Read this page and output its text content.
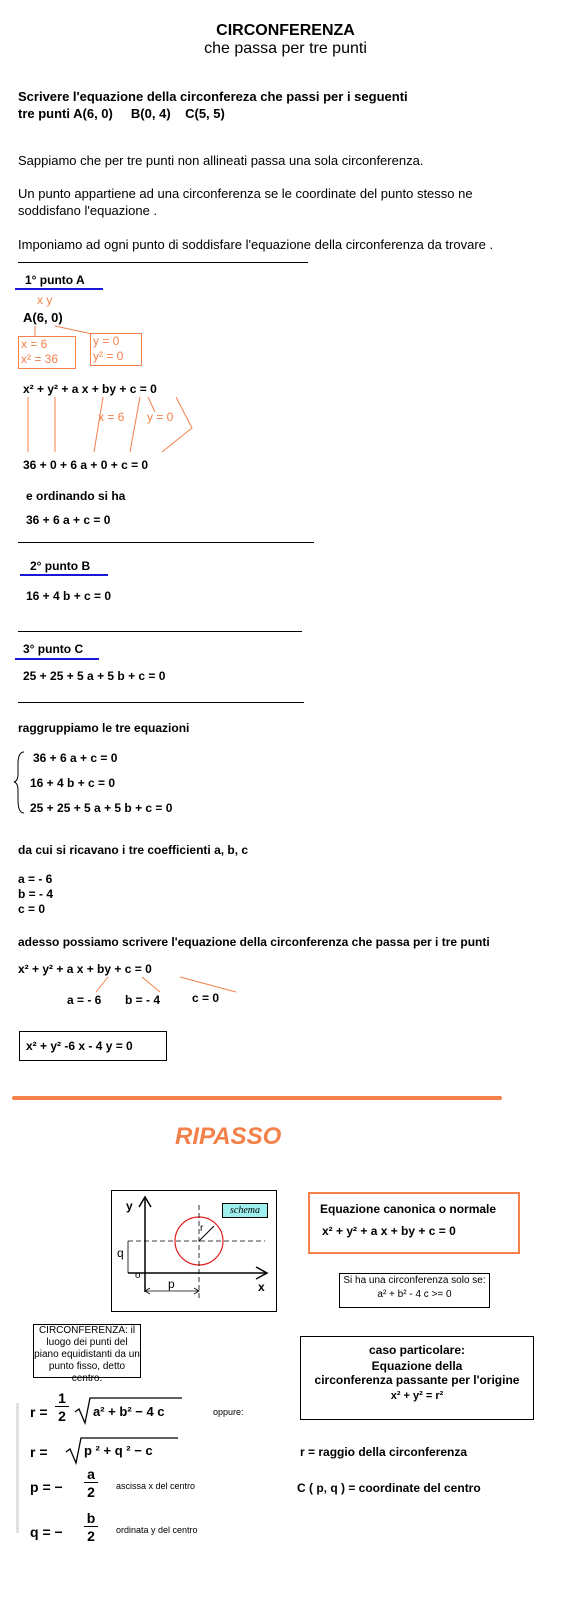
CIRCONFERENZA
che passa per tre punti
Scrivere l'equazione della circonfereza che passi per i seguenti
tre punti A(6, 0) B(0, 4) C(5, 5)
Sappiamo che per tre punti non allineati passa una sola circonferenza.
Un punto appartiene ad una circonferenza se le coordinate del punto stesso ne
soddisfano l'equazione .
Imponiamo ad ogni punto di soddisfare l'equazione della circonferenza da trovare .
1° punto A
x y
A(6, 0)
x = 6
x² = 36
y = 0
y² = 0
x² + y² + a x + by + c = 0
x = 6 y = 0
36 + 0 + 6 a + 0 + c = 0
e ordinando si ha
36 + 6 a + c = 0
2° punto B
16 + 4 b + c = 0
3° punto C
25 + 25 + 5 a + 5 b + c = 0
raggruppiamo le tre equazioni
36 + 6 a + c = 0
16 + 4 b + c = 0
25 + 25 + 5 a + 5 b + c = 0
da cui si ricavano i tre coefficienti a, b, c
a = - 6
b = - 4
c = 0
adesso possiamo scrivere l'equazione della circonferenza che passa per i tre punti
x² + y² + a x + by + c = 0
a = - 6 b = - 4	c = 0
x² + y² -6 x - 4 y = 0
RIPASSO
schema
y
x
q
o
p
r
Equazione canonica o normale
x² + y² + a x + by + c = 0
Si ha una circonferenza solo se:
a² + b² - 4 c >= 0
CIRCONFERENZA: il luogo dei punti del piano equidistanti da un punto fisso, detto centro.
caso particolare:
Equazione della
circonferenza passante per l'origine
x² + y² = r²
$r = \frac{1}{2} a^2 + b^2 - 4$ c	oppure:
r =	p ² + q ² − c
p = − $\frac{a}{2}$ ascissa x del centro
q = − $\frac{b}{2}$ ordinata y del centro
r = raggio della circonferenza
C ( p, q ) = coordinate del centro
